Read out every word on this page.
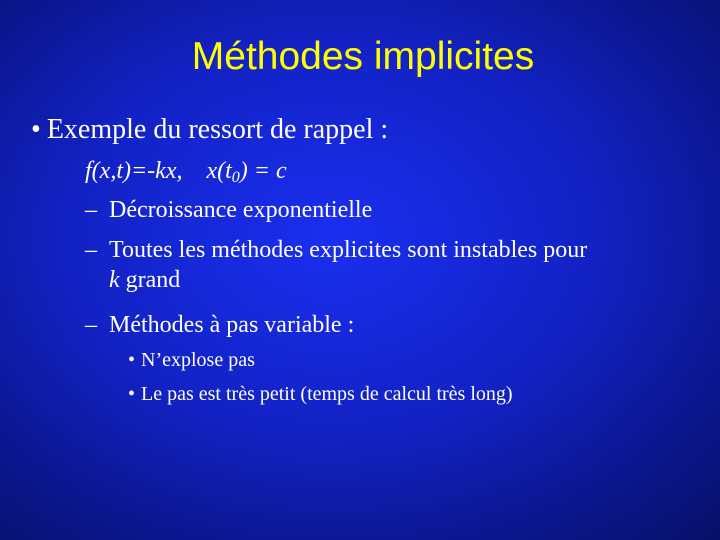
Méthodes implicites
• Exemple du ressort de rappel :
f(x,t)=-kx, $x(t_0) = c$
– Décroissance exponentielle
– Toutes les méthodes explicites sont instables pour
k grand
– Méthodes à pas variable :
• N’explose pas
• Le pas est très petit (temps de calcul très long)
